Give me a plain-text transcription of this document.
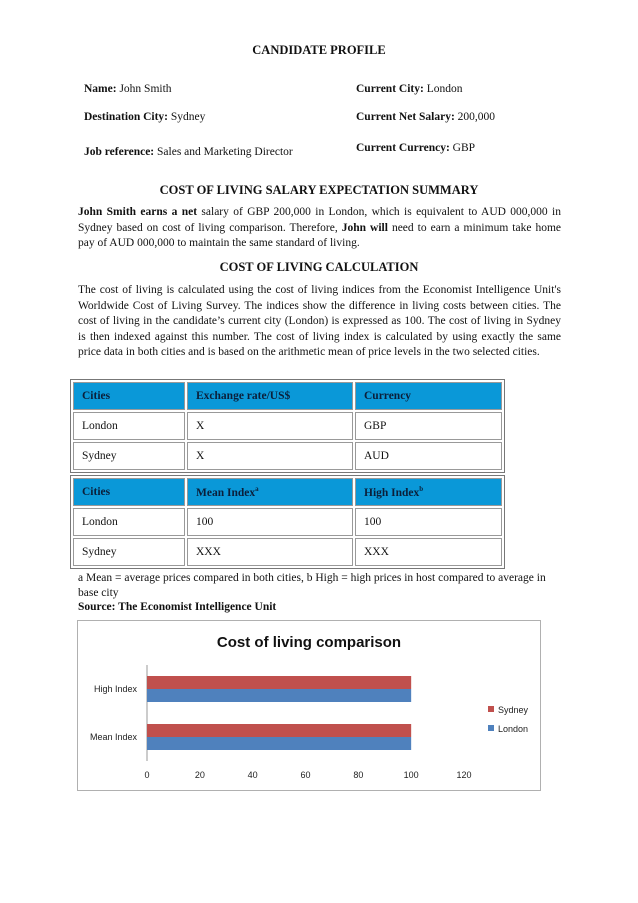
CANDIDATE PROFILE
Name: John Smith
Destination City: Sydney
Job reference: Sales and Marketing Director
Current City: London
Current Net Salary: 200,000
Current Currency: GBP
COST OF LIVING SALARY EXPECTATION SUMMARY
John Smith earns a net salary of GBP 200,000 in London, which is equivalent to AUD 000,000 in Sydney based on cost of living comparison. Therefore, John will need to earn a minimum take home pay of AUD 000,000 to maintain the same standard of living.
COST OF LIVING CALCULATION
The cost of living is calculated using the cost of living indices from the Economist Intelligence Unit's Worldwide Cost of Living Survey. The indices show the difference in living costs between cities. The cost of living in the candidate’s current city (London) is expressed as 100. The cost of living in Sydney is then indexed against this number. The cost of living index is calculated by using exactly the same price data in both cities and is based on the arithmetic mean of price levels in the two selected cities.
Cities	Exchange rate/US$	Currency
London	X	GBP
Sydney	X	AUD
Cities	Mean Index$^a$	High Index$^b$
London	100	100
Sydney	XXX	XXX
a Mean = average prices compared in both cities, b High = high prices in host compared to average in base city
Source: The Economist Intelligence Unit
Cost of living comparison
0	20	40	60	80	100	120
Mean Index
High Index
Sydney
London
